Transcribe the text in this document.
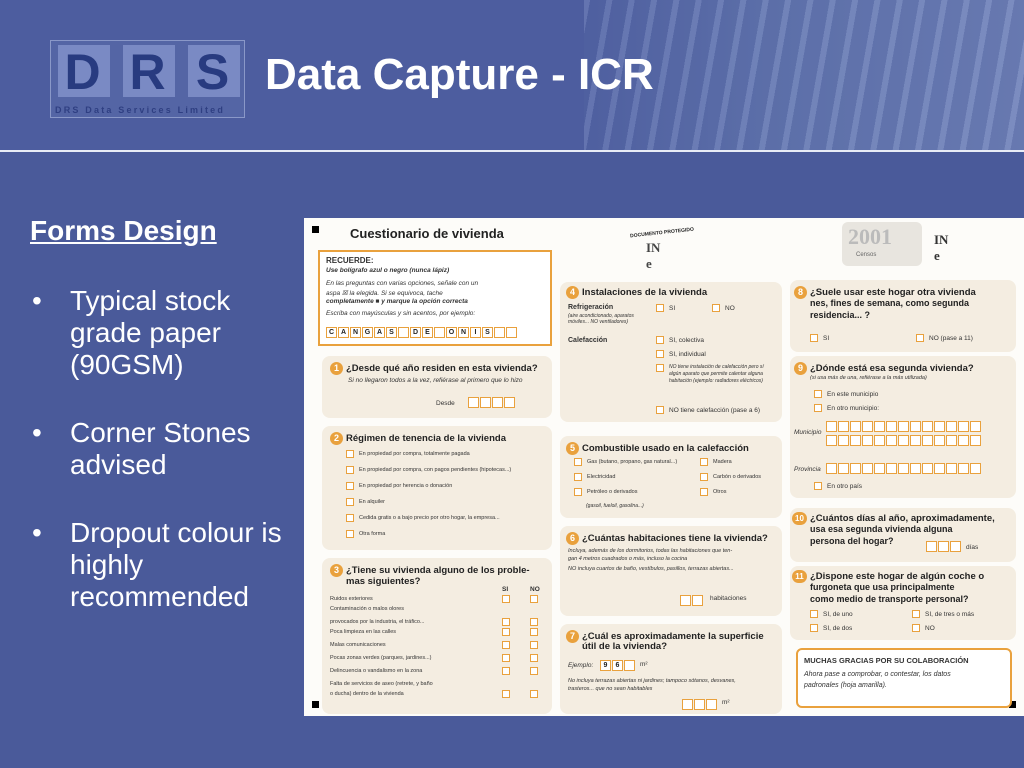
D R S
DRS Data Services Limited
Data Capture - ICR
Forms Design
• Typical stock grade paper (90GSM)
• Corner Stones advised
• Dropout colour is highly recommended
Cuestionario de vivienda	DOCUMENTO PROTEGIDO
IN
e
2001
Censos
IN
e
RECUERDE:
Use bolígrafo azul o negro (nunca lápiz)
En las preguntas con varias opciones, señale con un
aspa ☒ la elegida. Si se equivoca, tache
completamente ■ y marque la opción correcta
Escriba con mayúsculas y sin acentos, por ejemplo:
C A N G A S	D E	O N I S
1 ¿Desde qué año residen en esta vivienda?
Si no llegaron todos a la vez, refiérase al primero que lo hizo
Desde
2 Régimen de tenencia de la vivienda
En propiedad por compra, totalmente pagada
En propiedad por compra, con pagos pendientes (hipotecas...)
En propiedad por herencia o donación
En alquiler
Cedida gratis o a bajo precio por otro hogar, la empresa...
Otra forma
3 ¿Tiene su vivienda alguno de los proble-
mas siguientes?
SI	NO
Ruidos exteriores
Contaminación o malos olores
provocados por la industria, el tráfico...
Poca limpieza en las calles
Malas comunicaciones
Pocas zonas verdes (parques, jardines...)
Delincuencia o vandalismo en la zona
Falta de servicios de aseo (retrete, y baño
o ducha) dentro de la vivienda
4 Instalaciones de la vivienda
Refrigeración
(aire acondicionado, aparatos móviles... NO ventiladores)
SI	NO
Calefacción	SI, colectiva
SI, individual
NO tiene instalación de calefacción pero sí algún aparato que permite calentar alguna habitación (ejemplo: radiadores eléctricos)
NO tiene calefacción (pase a 6)
5 Combustible usado en la calefacción
Gas (butano, propano, gas natural...)	Madera
Electricidad	Carbón o derivados
Petróleo o derivados	Otros
(gasoil, fueloil, gasolina...)
6 ¿Cuántas habitaciones tiene la vivienda?
Incluya, además de los dormitorios, todas las habitaciones que ten-
gan 4 metros cuadrados o más, incluso la cocina
NO incluya cuartos de baño, vestíbulos, pasillos, terrazas abiertas...
habitaciones
7 ¿Cuál es aproximadamente la superficie
útil de la vivienda?
Ejemplo:	9 6	m²
No incluya terrazas abiertas ni jardines; tampoco sótanos, desvanes,
trasteros... que no sean habitables
m²
8 ¿Suele usar este hogar otra vivienda
nes, fines de semana, como segunda
residencia... ?
SI	NO (pase a 11)
9 ¿Dónde está esa segunda vivienda?
(si usa más de una, refiérase a la más utilizada)
En este municipio
En otro municipio:
Municipio
Provincia
En otro país
10 ¿Cuántos días al año, aproximadamente,
usa esa segunda vivienda alguna
persona del hogar?
días
11 ¿Dispone este hogar de algún coche o
furgoneta que usa principalmente
como medio de transporte personal?
SI, de uno	SI, de tres o más
SI, de dos	NO
MUCHAS GRACIAS POR SU COLABORACIÓN
Ahora pase a comprobar, o contestar, los datos
padronales (hoja amarilla).
